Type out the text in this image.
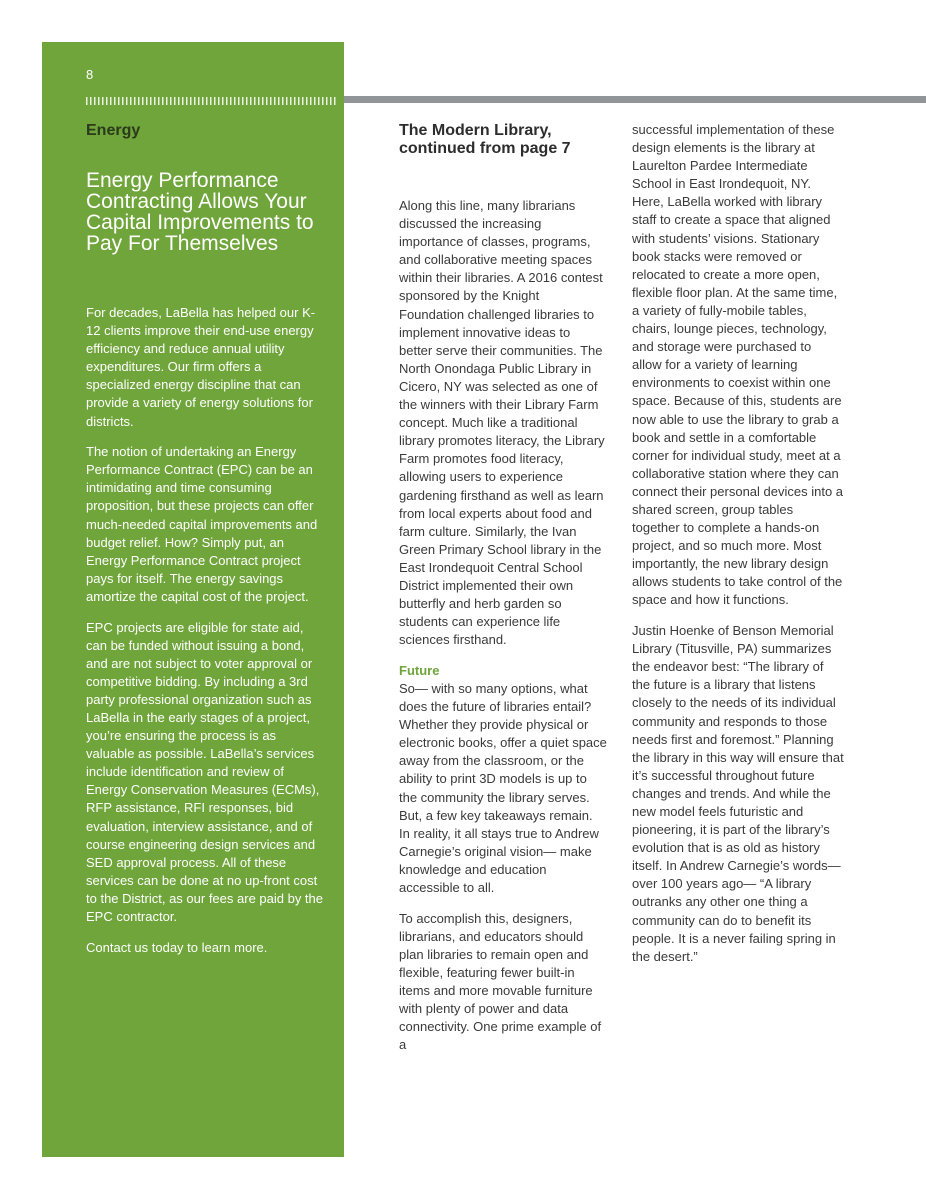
8
Energy
Energy Performance Contracting Allows Your Capital Improvements to Pay For Themselves

For decades, LaBella has helped our K-12 clients improve their end-use energy efficiency and reduce annual utility expenditures. Our firm offers a specialized energy discipline that can provide a variety of energy solutions for districts.

The notion of undertaking an Energy Performance Contract (EPC) can be an intimidating and time consuming proposition, but these projects can offer much-needed capital improvements and budget relief. How? Simply put, an Energy Performance Contract project pays for itself. The energy savings amortize the capital cost of the project.

EPC projects are eligible for state aid, can be funded without issuing a bond, and are not subject to voter approval or competitive bidding. By including a 3rd party professional organization such as LaBella in the early stages of a project, you’re ensuring the process is as valuable as possible. LaBella’s services include identification and review of Energy Conservation Measures (ECMs), RFP assistance, RFI responses, bid evaluation, interview assistance, and of course engineering design services and SED approval process. All of these services can be done at no up-front cost to the District, as our fees are paid by the EPC contractor.

Contact us today to learn more.

The Modern Library, continued from page 7

Along this line, many librarians discussed the increasing importance of classes, programs, and collaborative meeting spaces within their libraries. A 2016 contest sponsored by the Knight Foundation challenged libraries to implement innovative ideas to better serve their communities. The North Onondaga Public Library in Cicero, NY was selected as one of the winners with their Library Farm concept. Much like a traditional library promotes literacy, the Library Farm promotes food literacy, allowing users to experience gardening firsthand as well as learn from local experts about food and farm culture. Similarly, the Ivan Green Primary School library in the East Irondequoit Central School District implemented their own butterfly and herb garden so students can experience life sciences firsthand.

Future
So— with so many options, what does the future of libraries entail? Whether they provide physical or electronic books, offer a quiet space away from the classroom, or the ability to print 3D models is up to the community the library serves. But, a few key takeaways remain. In reality, it all stays true to Andrew Carnegie’s original vision— make knowledge and education accessible to all.

To accomplish this, designers, librarians, and educators should plan libraries to remain open and flexible, featuring fewer built-in items and more movable furniture with plenty of power and data connectivity. One prime example of a

successful implementation of these design elements is the library at Laurelton Pardee Intermediate School in East Irondequoit, NY. Here, LaBella worked with library staff to create a space that aligned with students’ visions. Stationary book stacks were removed or relocated to create a more open, flexible floor plan. At the same time, a variety of fully-mobile tables, chairs, lounge pieces, technology, and storage were purchased to allow for a variety of learning environments to coexist within one space. Because of this, students are now able to use the library to grab a book and settle in a comfortable corner for individual study, meet at a collaborative station where they can connect their personal devices into a shared screen, group tables together to complete a hands-on project, and so much more. Most importantly, the new library design allows students to take control of the space and how it functions.

Justin Hoenke of Benson Memorial Library (Titusville, PA) summarizes the endeavor best: “The library of the future is a library that listens closely to the needs of its individual community and responds to those needs first and foremost.” Planning the library in this way will ensure that it’s successful throughout future changes and trends. And while the new model feels futuristic and pioneering, it is part of the library’s evolution that is as old as history itself. In Andrew Carnegie’s words— over 100 years ago— “A library outranks any other one thing a community can do to benefit its people. It is a never failing spring in the desert.”
